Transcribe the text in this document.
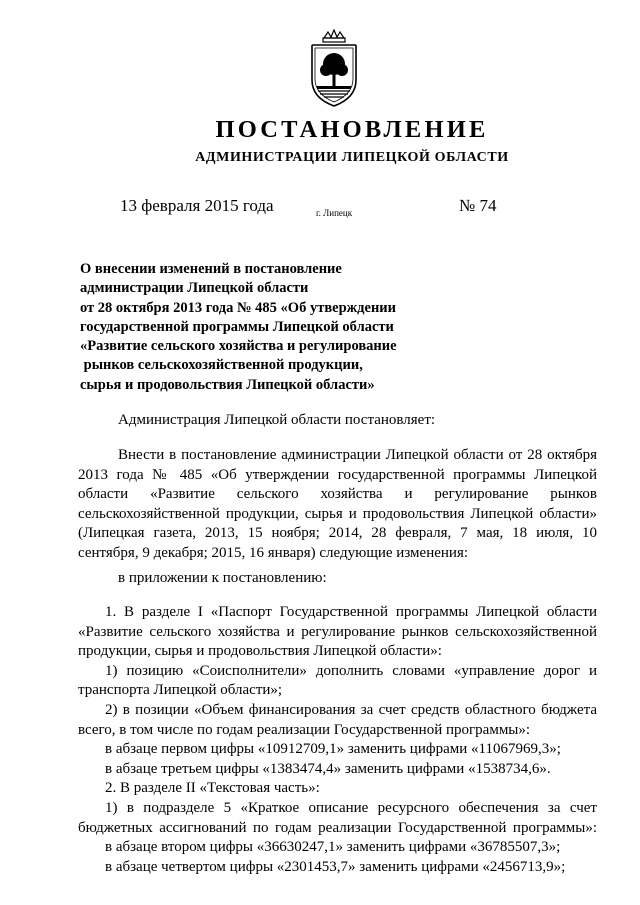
ПОСТАНОВЛЕНИЕ
АДМИНИСТРАЦИИ ЛИПЕЦКОЙ ОБЛАСТИ
13 февраля 2015 года	г. Липецк	№ 74
О внесении изменений в постановление
администрации Липецкой области
от 28 октября 2013 года № 485 «Об утверждении
государственной программы Липецкой области
«Развитие сельского хозяйства и регулирование
рынков сельскохозяйственной продукции,
сырья и продовольствия Липецкой области»
Администрация Липецкой области постановляет:
Внести в постановление администрации Липецкой области от 28 октября
2013 года № 485 «Об утверждении государственной программы Липецкой
области «Развитие сельского хозяйства и регулирование рынков
сельскохозяйственной продукции, сырья и продовольствия Липецкой области»
(Липецкая газета, 2013, 15 ноября; 2014, 28 февраля, 7 мая, 18 июля, 10
сентября, 9 декабря; 2015, 16 января) следующие изменения:
в приложении к постановлению:
1. В разделе I «Паспорт Государственной программы Липецкой области
«Развитие сельского хозяйства и регулирование рынков сельскохозяйственной
продукции, сырья и продовольствия Липецкой области»:
1) позицию «Соисполнители» дополнить словами «управление дорог и
транспорта Липецкой области»;
2) в позиции «Объем финансирования за счет средств областного бюджета
всего, в том числе по годам реализации Государственной программы»:
в абзаце первом цифры «10912709,1» заменить цифрами «11067969,3»;
в абзаце третьем цифры «1383474,4» заменить цифрами «1538734,6».
2. В разделе II «Текстовая часть»:
1) в подразделе 5 «Краткое описание ресурсного обеспечения за счет
бюджетных ассигнований по годам реализации Государственной программы»:
в абзаце втором цифры «36630247,1» заменить цифрами «36785507,3»;
в абзаце четвертом цифры «2301453,7» заменить цифрами «2456713,9»;
